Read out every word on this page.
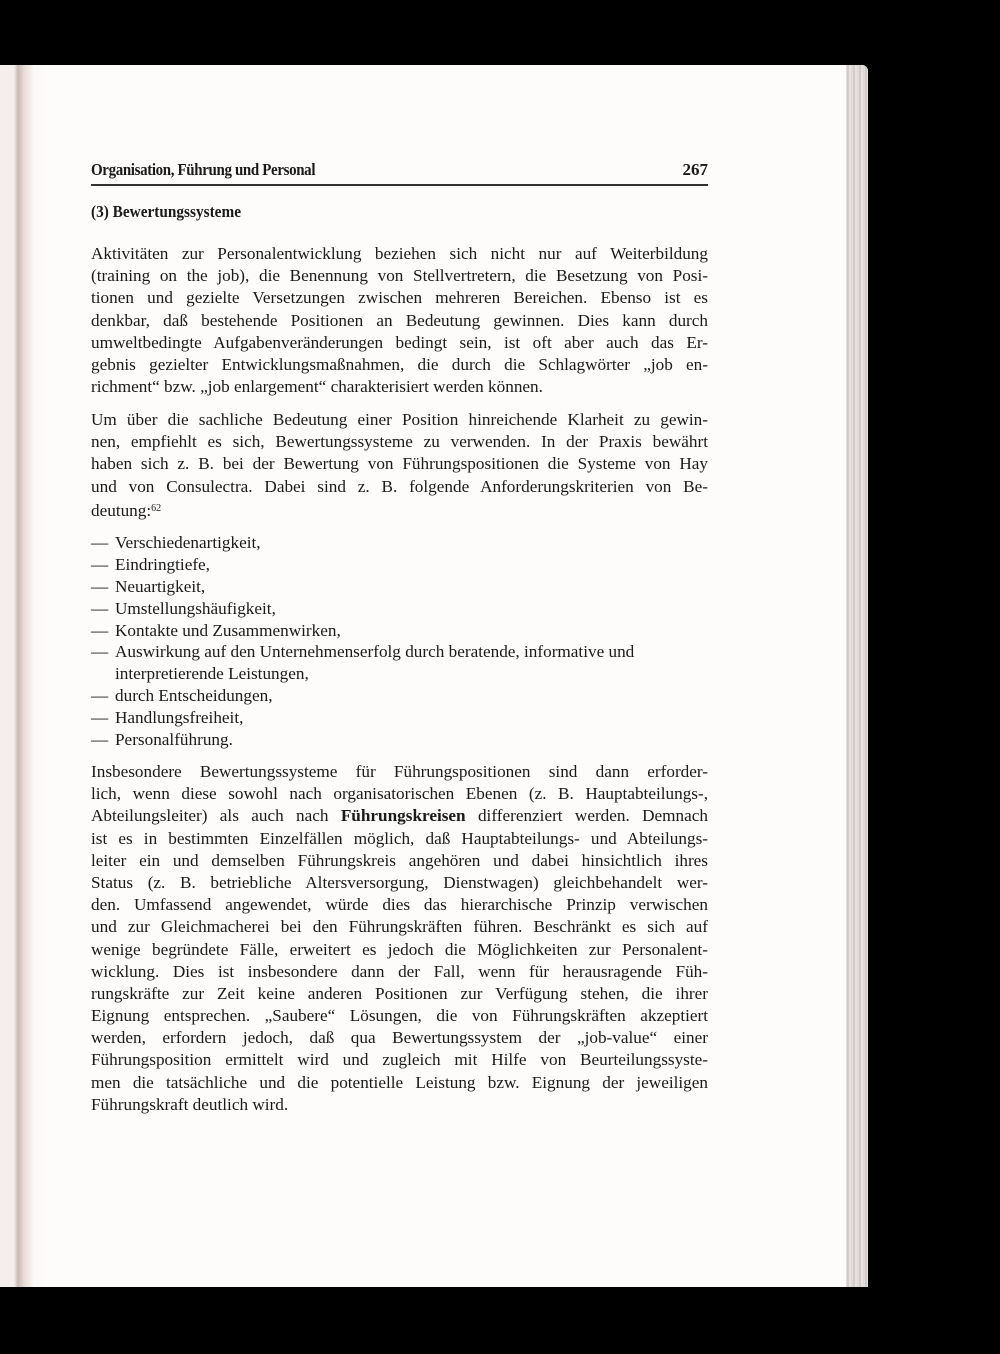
Organisation, Führung und Personal	267
(3) Bewertungssysteme
Aktivitäten zur Personalentwicklung beziehen sich nicht nur auf Weiterbildung
(training on the job), die Benennung von Stellvertretern, die Besetzung von Posi-
tionen und gezielte Versetzungen zwischen mehreren Bereichen. Ebenso ist es
denkbar, daß bestehende Positionen an Bedeutung gewinnen. Dies kann durch
umweltbedingte Aufgabenveränderungen bedingt sein, ist oft aber auch das Er-
gebnis gezielter Entwicklungsmaßnahmen, die durch die Schlagwörter „job en-
richment“ bzw. „job enlargement“ charakterisiert werden können.
Um über die sachliche Bedeutung einer Position hinreichende Klarheit zu gewin-
nen, empfiehlt es sich, Bewertungssysteme zu verwenden. In der Praxis bewährt
haben sich z. B. bei der Bewertung von Führungspositionen die Systeme von Hay
und von Consulectra. Dabei sind z. B. folgende Anforderungskriterien von Be-
deutung:$^{62}$
— Verschiedenartigkeit,
— Eindringtiefe,
— Neuartigkeit,
— Umstellungshäufigkeit,
— Kontakte und Zusammenwirken,
— Auswirkung auf den Unternehmenserfolg durch beratende, informative und
interpretierende Leistungen,
— durch Entscheidungen,
— Handlungsfreiheit,
— Personalführung.
Insbesondere Bewertungssysteme für Führungspositionen sind dann erforder-
lich, wenn diese sowohl nach organisatorischen Ebenen (z. B. Hauptabteilungs-,
Abteilungsleiter) als auch nach Führungskreisen differenziert werden. Demnach
ist es in bestimmten Einzelfällen möglich, daß Hauptabteilungs- und Abteilungs-
leiter ein und demselben Führungskreis angehören und dabei hinsichtlich ihres
Status (z. B. betriebliche Altersversorgung, Dienstwagen) gleichbehandelt wer-
den. Umfassend angewendet, würde dies das hierarchische Prinzip verwischen
und zur Gleichmacherei bei den Führungskräften führen. Beschränkt es sich auf
wenige begründete Fälle, erweitert es jedoch die Möglichkeiten zur Personalent-
wicklung. Dies ist insbesondere dann der Fall, wenn für herausragende Füh-
rungskräfte zur Zeit keine anderen Positionen zur Verfügung stehen, die ihrer
Eignung entsprechen. „Saubere“ Lösungen, die von Führungskräften akzeptiert
werden, erfordern jedoch, daß qua Bewertungssystem der „job-value“ einer
Führungsposition ermittelt wird und zugleich mit Hilfe von Beurteilungssyste-
men die tatsächliche und die potentielle Leistung bzw. Eignung der jeweiligen
Führungskraft deutlich wird.
